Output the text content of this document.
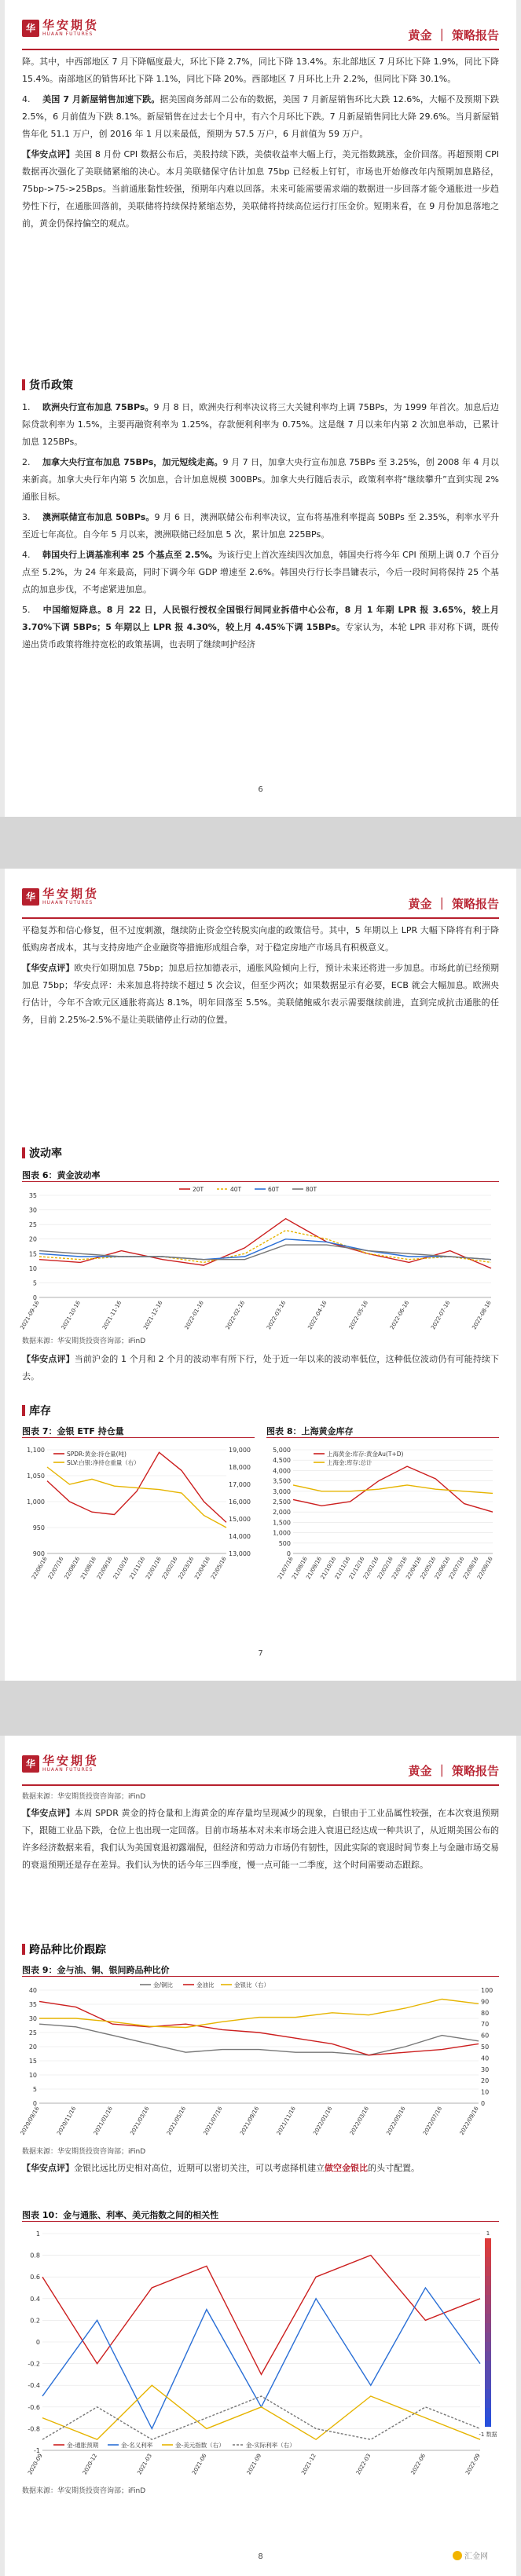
华 华安期货
HUAAN FUTURES	黄金 ｜ 策略报告

降。其中，中西部地区 7 月下降幅度最大，环比下降 2.7%，同比下降 13.4%。东北部地区 7 月环比下降 1.9%，同比下降 15.4%。南部地区的销售环比下降 1.1%，同比下降 20%。西部地区 7 月环比上升 2.2%，但同比下降 30.1%。

4. 美国 7 月新屋销售加速下跌。据美国商务部周二公布的数据，美国 7 月新屋销售环比大跌 12.6%，大幅不及预期下跌 2.5%，6 月前值为下跌 8.1%。新屋销售在过去七个月中，有六个月环比下跌。7 月新屋销售同比大降 29.6%。当月新屋销售年化 51.1 万户，创 2016 年 1 月以来最低，预期为 57.5 万户，6 月前值为 59 万户。

【华安点评】美国 8 月份 CPI 数据公布后，美股持续下跌，美债收益率大幅上行，美元指数跳涨，金价回落。再超预期 CPI 数据再次强化了美联储紧缩的决心。本月美联储保守估计加息 75bp 已经板上钉钉，市场也开始修改年内预期加息路径，75bp->75->25Bps。当前通胀黏性较强，预期年内难以回落。未来可能需要需求端的数据进一步回落才能令通胀进一步趋势性下行，在通胀回落前，美联储将持续保持紧缩态势，美联储将持续高位运行打压金价。短期来看，在 9 月份加息落地之前，黄金仍保持偏空的观点。

货币政策

1. 欧洲央行宣布加息 75BPs。9 月 8 日，欧洲央行利率决议将三大关键利率均上调 75BPs，为 1999 年首次。加息后边际贷款利率为 1.5%，主要再融资利率为 1.25%，存款便利利率为 0.75%。这是继 7 月以来年内第 2 次加息举动，已累计加息 125BPs。

2. 加拿大央行宣布加息 75BPs，加元短线走高。9 月 7 日，加拿大央行宣布加息 75BPs 至 3.25%，创 2008 年 4 月以来新高。加拿大央行年内第 5 次加息，合计加息规模 300BPs。加拿大央行随后表示，政策利率将“继续攀升”直到实现 2%通胀目标。

3. 澳洲联储宣布加息 50BPs。9 月 6 日，澳洲联储公布利率决议，宣布将基准利率提高 50BPs 至 2.35%，利率水平升至近七年高位。自今年 5 月以来，澳洲联储已经加息 5 次，累计加息 225BPs。

4. 韩国央行上调基准利率 25 个基点至 2.5%。为该行史上首次连续四次加息，韩国央行将今年 CPI 预期上调 0.7 个百分点至 5.2%，为 24 年来最高，同时下调今年 GDP 增速至 2.6%。韩国央行行长李昌镛表示，今后一段时间将保持 25 个基点的加息步伐，不考虑紧进加息。

5. 中国缩短降息。8 月 22 日，人民银行授权全国银行间同业拆借中心公布，8 月 1 年期 LPR 报 3.65%，较上月 3.70%下调 5BPs；5 年期以上 LPR 报 4.30%，较上月 4.45%下调 15BPs。专家认为，本轮 LPR 非对称下调，既传递出货币政策将维持宽松的政策基调，也表明了继续呵护经济

6
华 华安期货
HUAAN FUTURES	黄金 ｜ 策略报告

平稳复苏和信心修复，但不过度刺激，继续防止资金空转脱实向虚的政策信号。其中，5 年期以上 LPR 大幅下降将有利于降低购房者成本，其与支持房地产企业融资等措施形成组合拳，对于稳定房地产市场具有积极意义。

【华安点评】欧央行如期加息 75bp；加息后拉加德表示，通胀风险倾向上行，预计未来还将进一步加息。市场此前已经预期加息 75bp；华安点评：未来加息将持续不超过 5 次会议，但至少两次；如果数据显示有必要，ECB 就会大幅加息。欧洲央行估计，今年不含欧元区通胀将高达 8.1%，明年回落至 5.5%。美联储鲍威尔表示需要继续前进，直到完成抗击通胀的任务，目前 2.25%-2.5%不是让美联储停止行动的位置。

波动率
图表 6：黄金波动率
35
30
25
20
15
10
5
0
2021-09-16	2021-10-16	2021-11-16	2021-12-16	2022-01-16	2022-02-16	2022-03-16	2022-04-16	2022-05-16	2022-06-16	2022-07-16	2022-08-16
20T	40T	60T	80T
数据来源：华安期货投资咨询部；iFinD

【华安点评】当前沪金的 1 个月和 2 个月的波动率有所下行，处于近一年以来的波动率低位，这种低位波动仍有可能持续下去。

库存
图表 7：金银 ETF 持仓量
1,100
1,050
1,000
950
900
19,000
18,000
17,000
16,000
15,000
14,000
13,000
22/06/16
22/07/16
22/08/16
21/08/16
22/09/16
21/10/16
21/11/16
22/01/16
22/02/16
22/03/16
22/04/16
22/05/16
SPDR:黄金:持仓量(吨)
SLV:白银:净持仓重量（右）
图表 8：上海黄金库存
5,000
4,500
4,000
3,500
3,000
2,500
2,000
1,500
1,000
500
0
21/07/16
21/08/16
21/09/16
21/10/16
21/11/16
21/12/16
22/01/16
22/02/16
22/03/16
22/04/16
22/05/16
22/06/16
22/07/16
22/08/16
22/09/16
上海黄金:库存:黄金Au(T+D)
上海金:库存:总计
7
华 华安期货
HUAAN FUTURES	黄金 ｜ 策略报告
数据来源：华安期货投资咨询部；iFinD

【华安点评】本周 SPDR 黄金的持仓量和上海黄金的库存量均呈现减少的现象，白银由于工业品属性较强，在本次衰退预期下，跟随工业品下跌，仓位上也出现一定回落。目前市场基本对未来市场会进入衰退已经达成一种共识了，从近期美国公布的许多经济数据来看，我们认为美国衰退初露端倪，但经济和劳动力市场仍有韧性，因此实际的衰退时间节奏上与金融市场交易的衰退预期还是存在差异。我们认为快的话今年三四季度，慢一点可能一二季度，这个时间需要动态跟踪。

跨品种比价跟踪
图表 9：金与油、铜、银间跨品种比价
40
35
30
25
20
15
10
5
0
100
90
80
70
60
50
40
30
20
10
0
2020/09/16	2020/11/16	2021/01/16	2021/03/16	2021/05/16	2021/07/16	2021/09/16	2021/11/16	2022/01/16	2022/03/16	2022/05/16	2022/07/16	2022/09/16
金/铜比	金油比	金银比（右）
数据来源：华安期货投资咨询部；iFinD

【华安点评】金银比远比历史相对高位，近期可以密切关注，可以考虑择机建立做空金银比的头寸配置。

图表 10：金与通胀、利率、美元指数之间的相关性
1
0.8
0.6
0.4
0.2
0
-0.2
-0.4
-0.6
-0.8
-1
2020-09	2020-12	2021-03	2021-06	2021-09	2021-12	2022-03	2022-06	2022-09
金-通胀预期	金-名义利率	金-美元指数（右）	金-实际利率（右）
1
-1 数据
数据来源：华安期货投资咨询部；iFinD
8	汇金网
